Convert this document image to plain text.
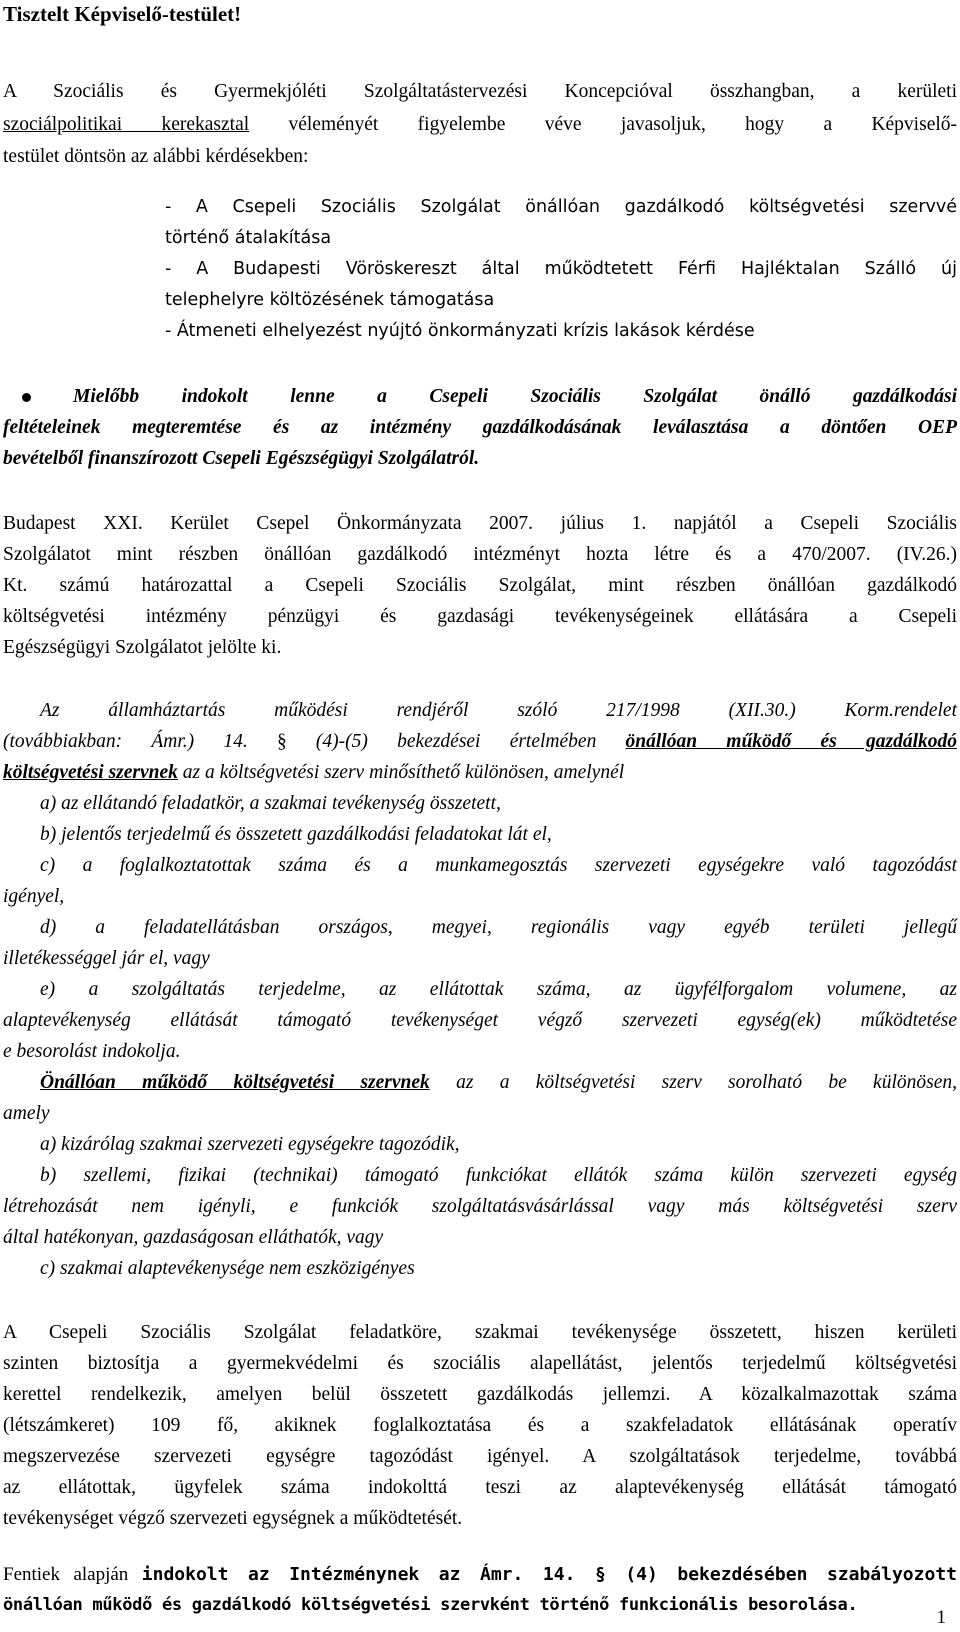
Tisztelt Képviselő-testület!
A Szociális és Gyermekjóléti Szolgáltatástervezési Koncepcióval összhangban, a kerületi
szociálpolitikai kerekasztal véleményét figyelembe véve javasoljuk, hogy a Képviselő-
testület döntsön az alábbi kérdésekben:
- A Csepeli Szociális Szolgálat önállóan gazdálkodó költségvetési szervvé
történő átalakítása
- A Budapesti Vöröskereszt által működtetett Férfi Hajléktalan Szálló új
telephelyre költözésének támogatása
- Átmeneti elhelyezést nyújtó önkormányzati krízis lakások kérdése
Mielőbb indokolt lenne a Csepeli Szociális Szolgálat önálló gazdálkodási
feltételeinek megteremtése és az intézmény gazdálkodásának leválasztása a döntően OEP
bevételből finanszírozott Csepeli Egészségügyi Szolgálatról.
Budapest XXI. Kerület Csepel Önkormányzata 2007. július 1. napjától a Csepeli Szociális
Szolgálatot mint részben önállóan gazdálkodó intézményt hozta létre és a 470/2007. (IV.26.)
Kt. számú határozattal a Csepeli Szociális Szolgálat, mint részben önállóan gazdálkodó
költségvetési intézmény pénzügyi és gazdasági tevékenységeinek ellátására a Csepeli
Egészségügyi Szolgálatot jelölte ki.
Az államháztartás működési rendjéről szóló 217/1998 (XII.30.) Korm.rendelet
(továbbiakban: Ámr.) 14. § (4)-(5) bekezdései értelmében önállóan működő és gazdálkodó
költségvetési szervnek az a költségvetési szerv minősíthető különösen, amelynél
a) az ellátandó feladatkör, a szakmai tevékenység összetett,
b) jelentős terjedelmű és összetett gazdálkodási feladatokat lát el,
c) a foglalkoztatottak száma és a munkamegosztás szervezeti egységekre való tagozódást
igényel,
d) a feladatellátásban országos, megyei, regionális vagy egyéb területi jellegű
illetékességgel jár el, vagy
e) a szolgáltatás terjedelme, az ellátottak száma, az ügyfélforgalom volumene, az
alaptevékenység ellátását támogató tevékenységet végző szervezeti egység(ek) működtetése
e besorolást indokolja.
Önállóan működő költségvetési szervnek az a költségvetési szerv sorolható be különösen,
amely
a) kizárólag szakmai szervezeti egységekre tagozódik,
b) szellemi, fizikai (technikai) támogató funkciókat ellátók száma külön szervezeti egység
létrehozását nem igényli, e funkciók szolgáltatásvásárlással vagy más költségvetési szerv
által hatékonyan, gazdaságosan elláthatók, vagy
c) szakmai alaptevékenysége nem eszközigényes
A Csepeli Szociális Szolgálat feladatköre, szakmai tevékenysége összetett, hiszen kerületi
szinten biztosítja a gyermekvédelmi és szociális alapellátást, jelentős terjedelmű költségvetési
kerettel rendelkezik, amelyen belül összetett gazdálkodás jellemzi. A közalkalmazottak száma
(létszámkeret) 109 fő, akiknek foglalkoztatása és a szakfeladatok ellátásának operatív
megszervezése szervezeti egységre tagozódást igényel. A szolgáltatások terjedelme, továbbá
az ellátottak, ügyfelek száma indokolttá teszi az alaptevékenység ellátását támogató
tevékenységet végző szervezeti egységnek a működtetését.
Fentiek alapján indokolt az Intézménynek az Ámr. 14. § (4) bekezdésében szabályozott
önállóan működő és gazdálkodó költségvetési szervként történő funkcionális besorolása.
1
